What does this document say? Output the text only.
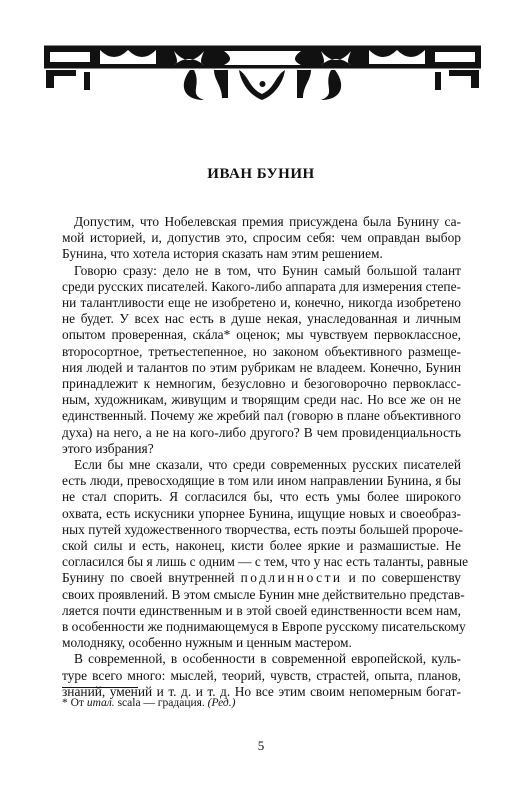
ИВАН БУНИН
Допустим, что Нобелевская премия присуждена была Бунину са-
мой историей, и, допустив это, спросим себя: чем оправдан выбор
Бунина, что хотела история сказать нам этим решением.
Говорю сразу: дело не в том, что Бунин самый большой талант
среди русских писателей. Какого-либо аппарата для измерения степе-
ни талантливости еще не изобретено и, конечно, никогда изобретено
не будет. У всех нас есть в душе некая, унаследованная и личным
опытом проверенная, скáла* оценок; мы чувствуем первоклассное,
второсортное, третьестепенное, но законом объективного размеще-
ния людей и талантов по этим рубрикам не владеем. Конечно, Бунин
принадлежит к немногим, безусловно и безоговорочно первокласс-
ным, художникам, живущим и творящим среди нас. Но все же он не
единственный. Почему же жребий пал (говорю в плане объективного
духа) на него, а не на кого-либо другого? В чем провиденциальность
этого избрания?
Если бы мне сказали, что среди современных русских писателей
есть люди, превосходящие в том или ином направлении Бунина, я бы
не стал спорить. Я согласился бы, что есть умы более широкого
охвата, есть искусники упорнее Бунина, ищущие новых и своеобраз-
ных путей художественного творчества, есть поэты большей пророче-
ской силы и есть, наконец, кисти более яркие и размашистые. Не
согласился бы я лишь с одним — с тем, что у нас есть таланты, равные
Бунину по своей внутренней подлинности и по совершенству
своих проявлений. В этом смысле Бунин мне действительно представ-
ляется почти единственным и в этой своей единственности всем нам,
в особенности же поднимающемуся в Европе русскому писательскому
молодняку, особенно нужным и ценным мастером.
В современной, в особенности в современной европейской, куль-
туре всего много: мыслей, теорий, чувств, страстей, опыта, планов,
знаний, умений и т. д. и т. д. Но все этим своим непомерным богат-
* От итал. scala — градация. (Ред.)
5
